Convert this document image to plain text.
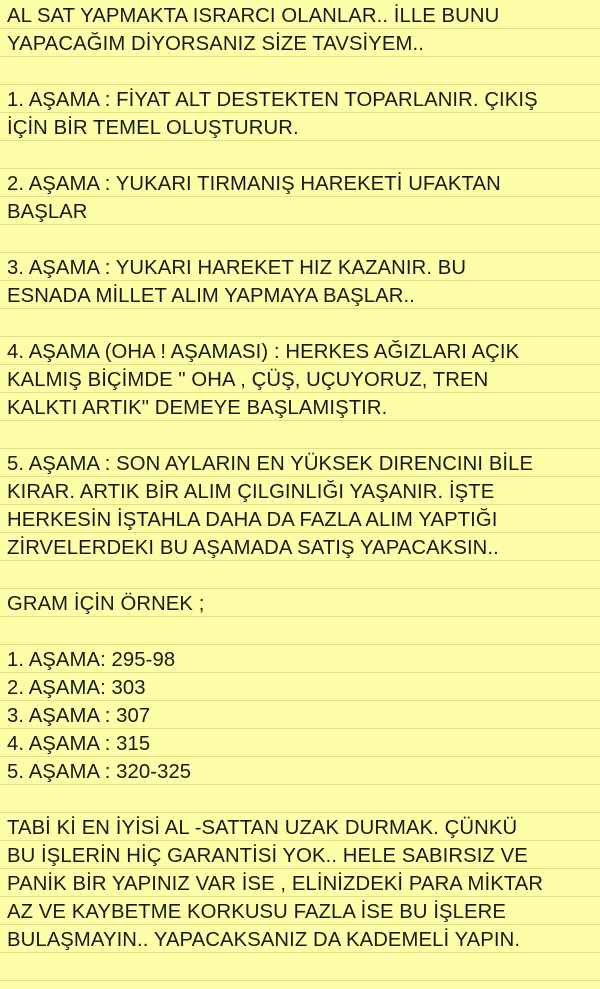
AL SAT YAPMAKTA ISRARCI OLANLAR.. İLLE BUNU
YAPACAĞIM DİYORSANIZ SİZE TAVSİYEM..
1. AŞAMA : FİYAT ALT DESTEKTEN TOPARLANIR. ÇIKIŞ
İÇİN BİR TEMEL OLUŞTURUR.
2. AŞAMA : YUKARI TIRMANIŞ HAREKETİ UFAKTAN
BAŞLAR
3. AŞAMA : YUKARI HAREKET HIZ KAZANIR. BU
ESNADA MİLLET ALIM YAPMAYA BAŞLAR..
4. AŞAMA (OHA ! AŞAMASI) : HERKES AĞIZLARI AÇIK
KALMIŞ BİÇİMDE " OHA , ÇÜŞ, UÇUYORUZ, TREN
KALKTI ARTIK" DEMEYE BAŞLAMIŞTIR.
5. AŞAMA : SON AYLARIN EN YÜKSEK DIRENCINI BİLE
KIRAR. ARTIK BİR ALIM ÇILGINLIĞI YAŞANIR. İŞTE
HERKESİN İŞTAHLA DAHA DA FAZLA ALIM YAPTIĞI
ZİRVELERDEKI BU AŞAMADA SATIŞ YAPACAKSIN..
GRAM İÇİN ÖRNEK ;
1. AŞAMA: 295-98
2. AŞAMA: 303
3. AŞAMA : 307
4. AŞAMA : 315
5. AŞAMA : 320-325
TABİ Kİ EN İYİSİ AL -SATTAN UZAK DURMAK. ÇÜNKÜ
BU İŞLERİN HİÇ GARANTİSİ YOK.. HELE SABIRSIZ VE
PANİK BİR YAPINIZ VAR İSE , ELİNİZDEKİ PARA MİKTAR
AZ VE KAYBETME KORKUSU FAZLA İSE BU İŞLERE
BULAŞMAYIN.. YAPACAKSANIZ DA KADEMELİ YAPIN.
